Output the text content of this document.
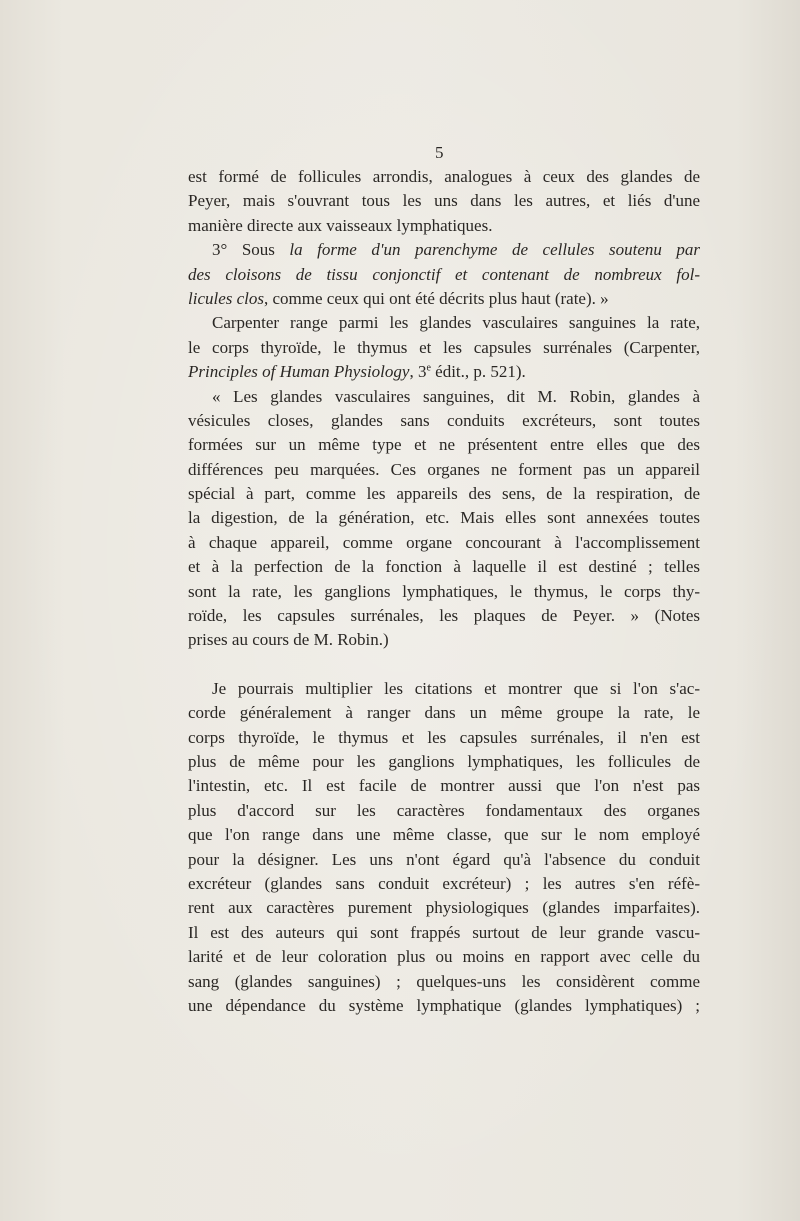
5
est formé de follicules arrondis, analogues à ceux des glandes de
Peyer, mais s'ouvrant tous les uns dans les autres, et liés d'une
manière directe aux vaisseaux lymphatiques.
3° Sous la forme d'un parenchyme de cellules soutenu par
des cloisons de tissu conjonctif et contenant de nombreux fol-
licules clos, comme ceux qui ont été décrits plus haut (rate). »
Carpenter range parmi les glandes vasculaires sanguines la rate,
le corps thyroïde, le thymus et les capsules surrénales (Carpenter,
Principles of Human Physiology, 3e édit., p. 521).
« Les glandes vasculaires sanguines, dit M. Robin, glandes à
vésicules closes, glandes sans conduits excréteurs, sont toutes
formées sur un même type et ne présentent entre elles que des
différences peu marquées. Ces organes ne forment pas un appareil
spécial à part, comme les appareils des sens, de la respiration, de
la digestion, de la génération, etc. Mais elles sont annexées toutes
à chaque appareil, comme organe concourant à l'accomplissement
et à la perfection de la fonction à laquelle il est destiné ; telles
sont la rate, les ganglions lymphatiques, le thymus, le corps thy-
roïde, les capsules surrénales, les plaques de Peyer. » (Notes
prises au cours de M. Robin.)
Je pourrais multiplier les citations et montrer que si l'on s'ac-
corde généralement à ranger dans un même groupe la rate, le
corps thyroïde, le thymus et les capsules surrénales, il n'en est
plus de même pour les ganglions lymphatiques, les follicules de
l'intestin, etc. Il est facile de montrer aussi que l'on n'est pas
plus d'accord sur les caractères fondamentaux des organes
que l'on range dans une même classe, que sur le nom employé
pour la désigner. Les uns n'ont égard qu'à l'absence du conduit
excréteur (glandes sans conduit excréteur) ; les autres s'en réfè-
rent aux caractères purement physiologiques (glandes imparfaites).
Il est des auteurs qui sont frappés surtout de leur grande vascu-
larité et de leur coloration plus ou moins en rapport avec celle du
sang (glandes sanguines) ; quelques-uns les considèrent comme
une dépendance du système lymphatique (glandes lymphatiques) ;
